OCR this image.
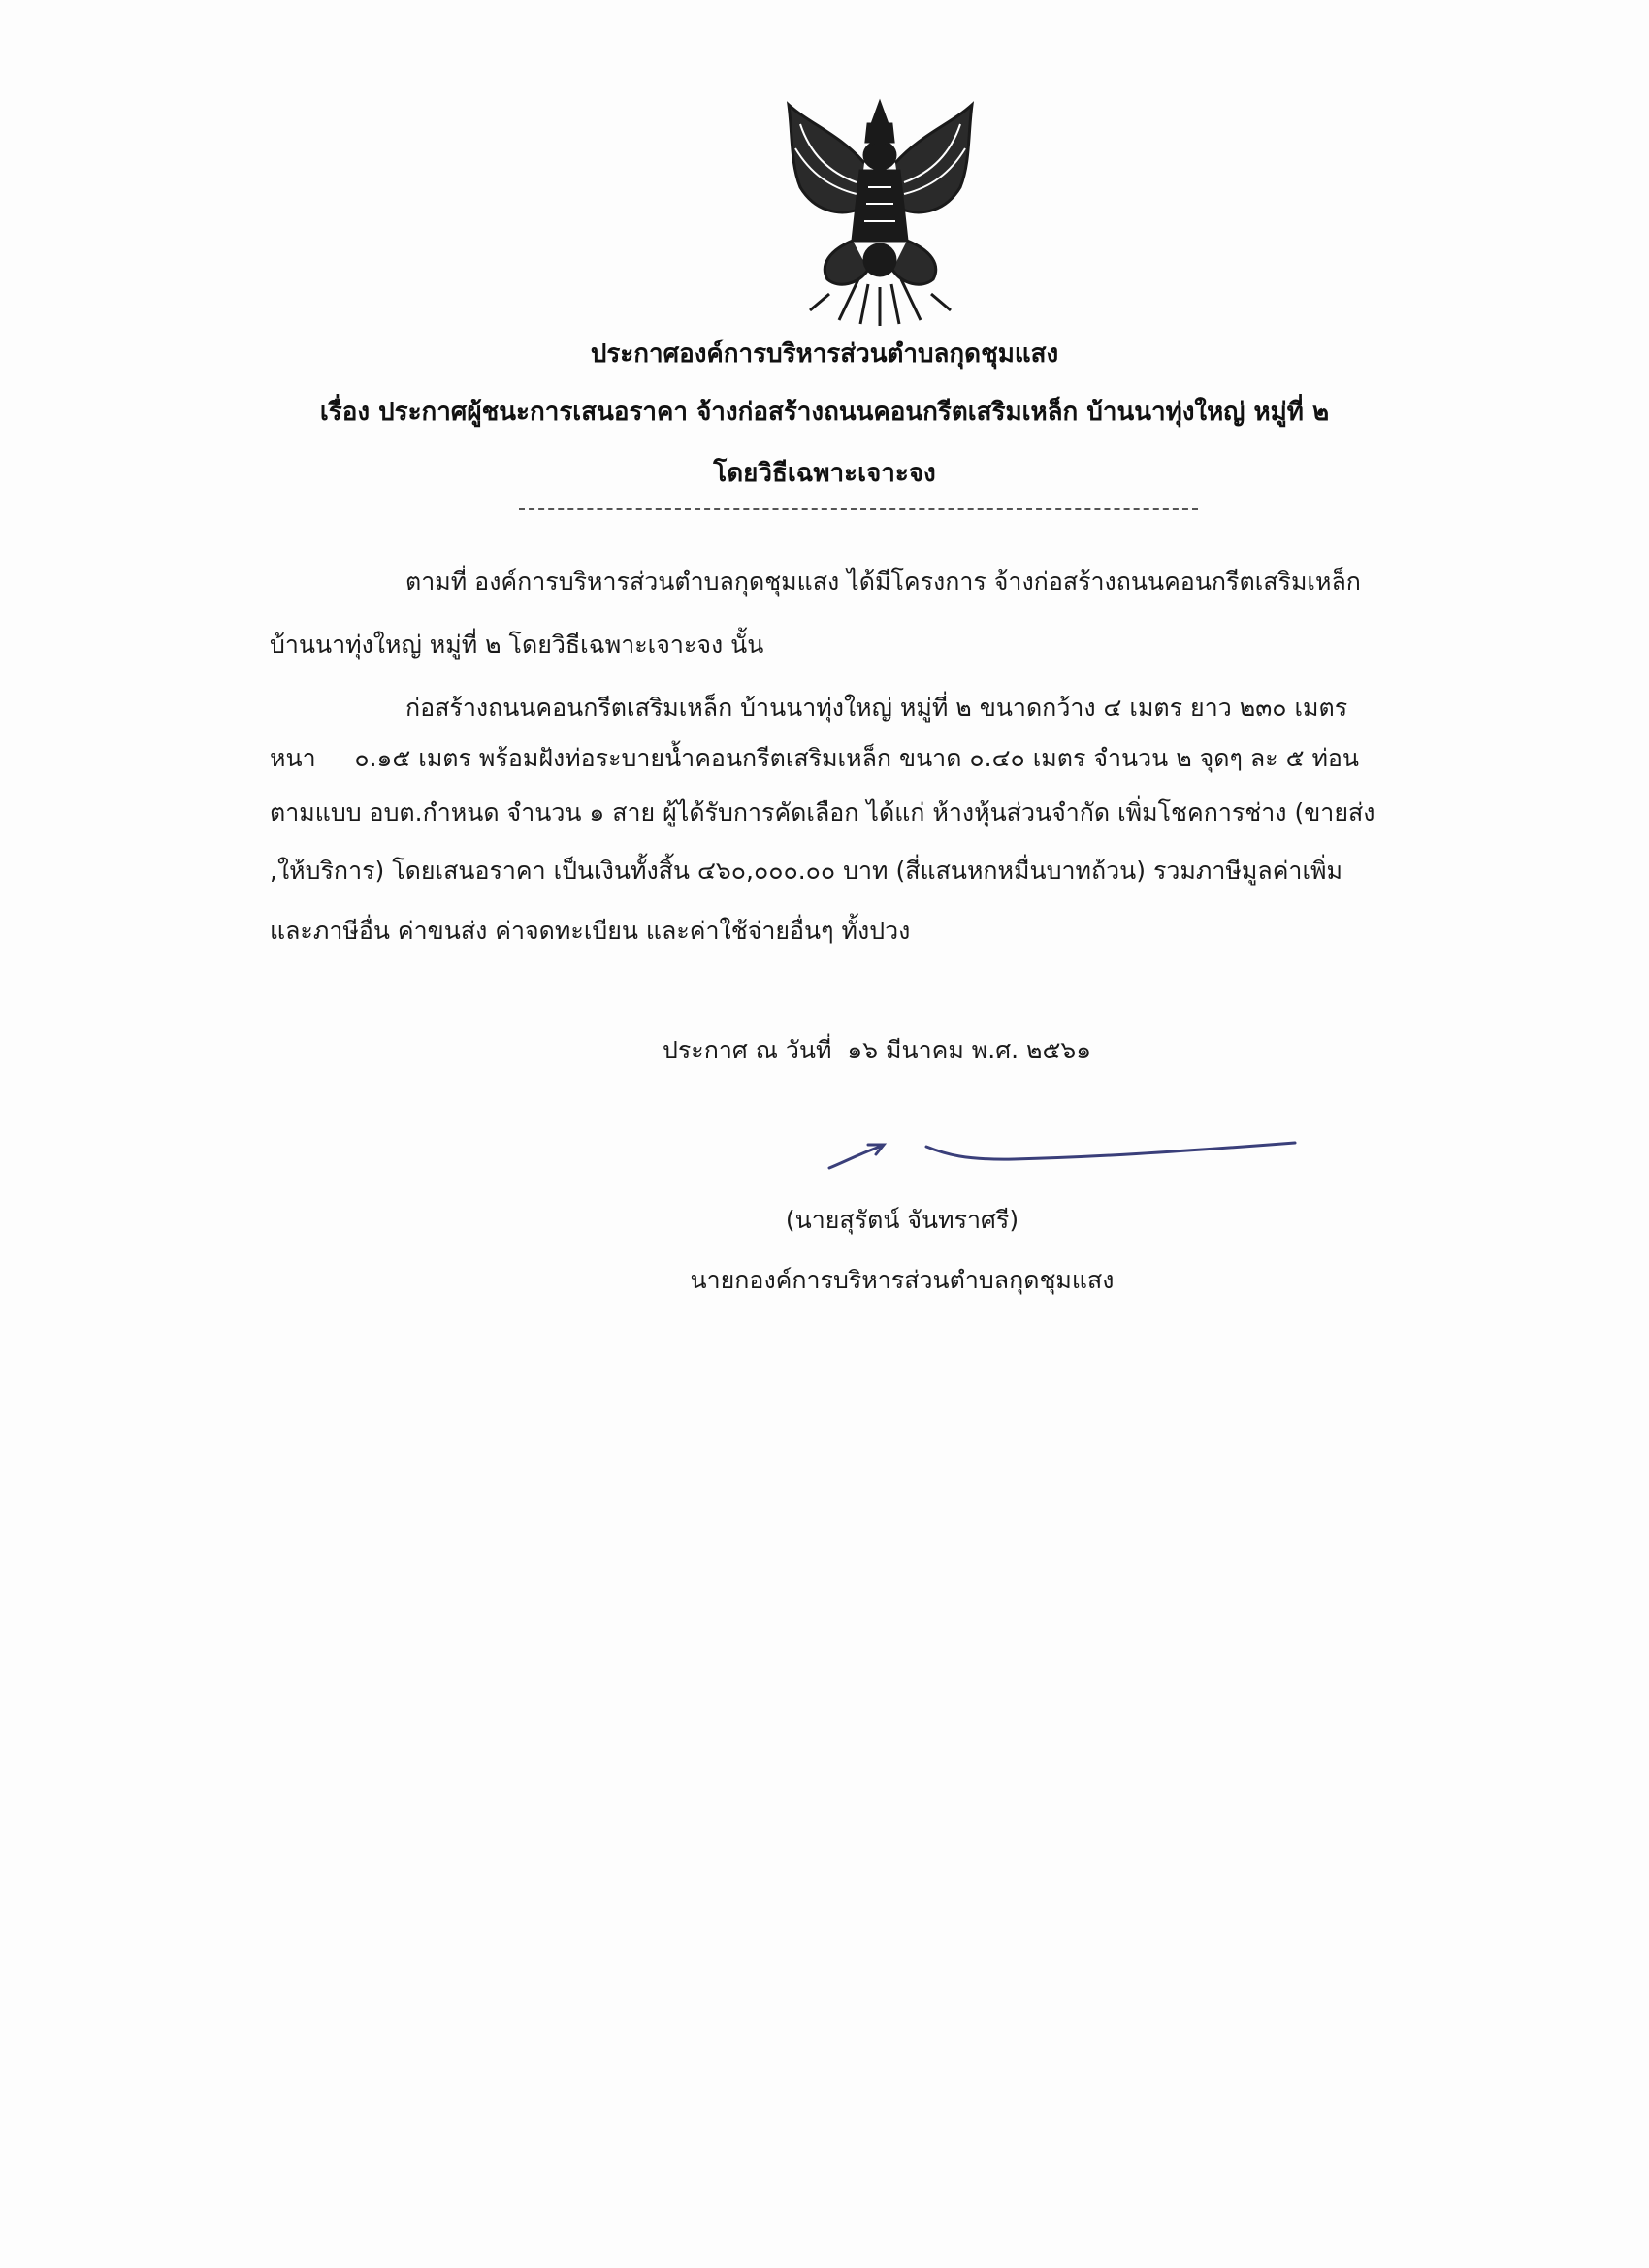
ประกาศองค์การบริหารส่วนตำบลกุดชุมแสง
เรื่อง ประกาศผู้ชนะการเสนอราคา จ้างก่อสร้างถนนคอนกรีตเสริมเหล็ก บ้านนาทุ่งใหญ่ หมู่ที่ ๒
โดยวิธีเฉพาะเจาะจง
ตามที่ องค์การบริหารส่วนตำบลกุดชุมแสง ได้มีโครงการ จ้างก่อสร้างถนนคอนกรีตเสริมเหล็ก
บ้านนาทุ่งใหญ่ หมู่ที่ ๒ โดยวิธีเฉพาะเจาะจง นั้น
ก่อสร้างถนนคอนกรีตเสริมเหล็ก บ้านนาทุ่งใหญ่ หมู่ที่ ๒ ขนาดกว้าง ๔ เมตร ยาว ๒๓๐ เมตร
หนา     ๐.๑๕ เมตร พร้อมฝังท่อระบายน้ำคอนกรีตเสริมเหล็ก ขนาด ๐.๔๐ เมตร จำนวน ๒ จุดๆ ละ ๕ ท่อน
ตามแบบ อบต.กำหนด จำนวน ๑ สาย ผู้ได้รับการคัดเลือก ได้แก่ ห้างหุ้นส่วนจำกัด เพิ่มโชคการช่าง (ขายส่ง
,ให้บริการ) โดยเสนอราคา เป็นเงินทั้งสิ้น ๔๖๐,๐๐๐.๐๐ บาท (สี่แสนหกหมื่นบาทถ้วน) รวมภาษีมูลค่าเพิ่ม
และภาษีอื่น ค่าขนส่ง ค่าจดทะเบียน และค่าใช้จ่ายอื่นๆ ทั้งปวง
ประกาศ ณ วันที่  ๑๖ มีนาคม พ.ศ. ๒๕๖๑
(นายสุรัตน์ จันทราศรี)
นายกองค์การบริหารส่วนตำบลกุดชุมแสง
